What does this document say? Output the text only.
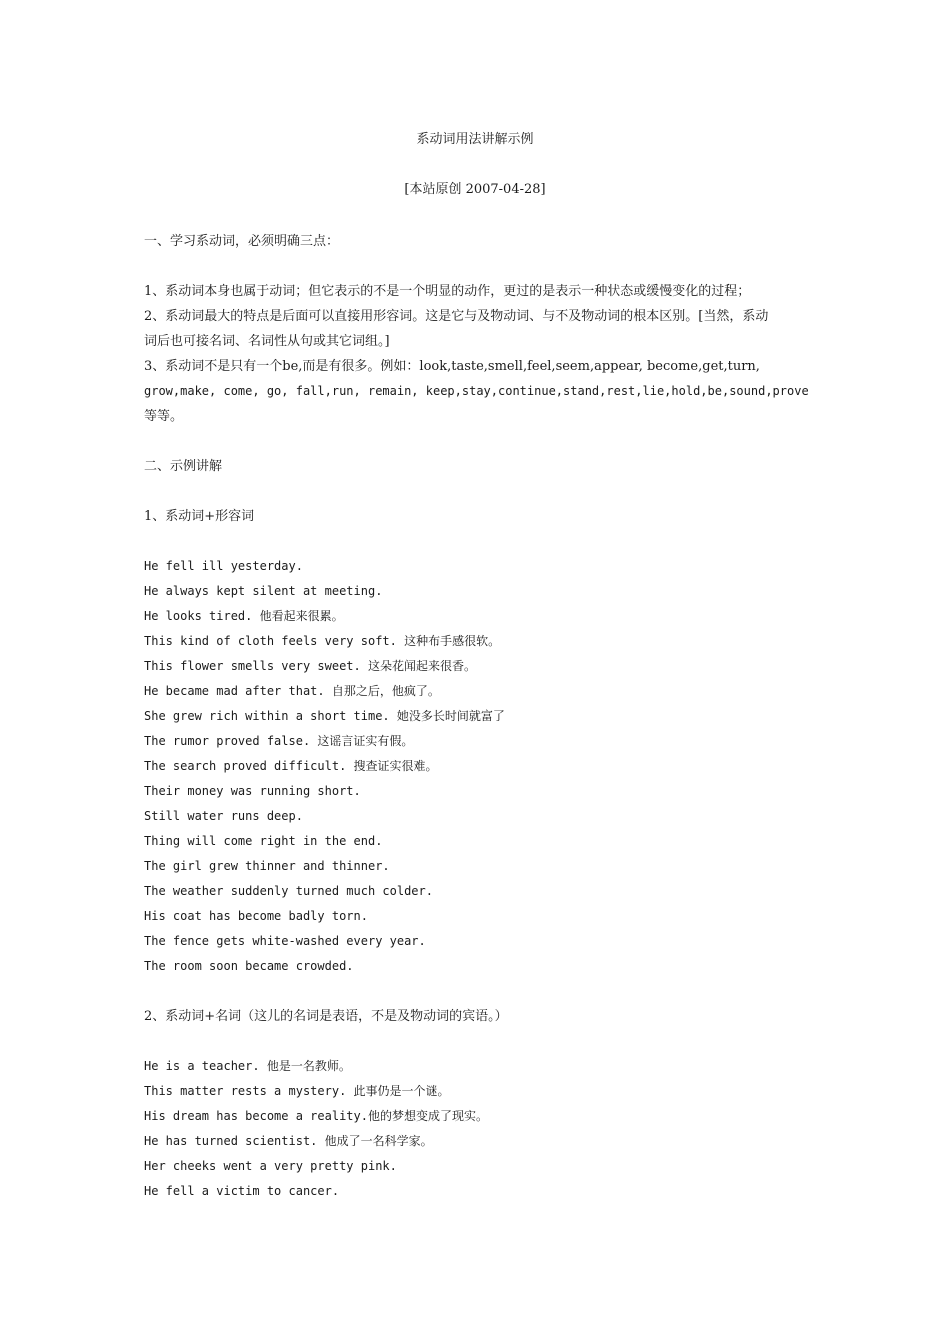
系动词用法讲解示例
[本站原创 2007-04-28]
一、学习系动词，必须明确三点：
1、系动词本身也属于动词；但它表示的不是一个明显的动作，更过的是表示一种状态或缓慢变化的过程；
2、系动词最大的特点是后面可以直接用形容词。这是它与及物动词、与不及物动词的根本区别。[当然，系动
词后也可接名词、名词性从句或其它词组。]
3、系动词不是只有一个be,而是有很多。例如：look,taste,smell,feel,seem,appear, become,get,turn,
grow,make, come, go, fall,run, remain, keep,stay,continue,stand,rest,lie,hold,be,sound,prove
等等。
二、示例讲解
1、系动词+形容词
He fell ill yesterday.
He always kept silent at meeting.
He looks tired. 他看起来很累。
This kind of cloth feels very soft. 这种布手感很软。
This flower smells very sweet. 这朵花闻起来很香。
He became mad after that. 自那之后，他疯了。
She grew rich within a short time. 她没多长时间就富了
The rumor proved false. 这谣言证实有假。
The search proved difficult. 搜查证实很难。
Their money was running short.
Still water runs deep.
Thing will come right in the end.
The girl grew thinner and thinner.
The weather suddenly turned much colder.
His coat has become badly torn.
The fence gets white-washed every year.
The room soon became crowded.
2、系动词+名词（这儿的名词是表语，不是及物动词的宾语。）
He is a teacher. 他是一名教师。
This matter rests a mystery. 此事仍是一个谜。
His dream has become a reality.他的梦想变成了现实。
He has turned scientist. 他成了一名科学家。
Her cheeks went a very pretty pink.
He fell a victim to cancer.
